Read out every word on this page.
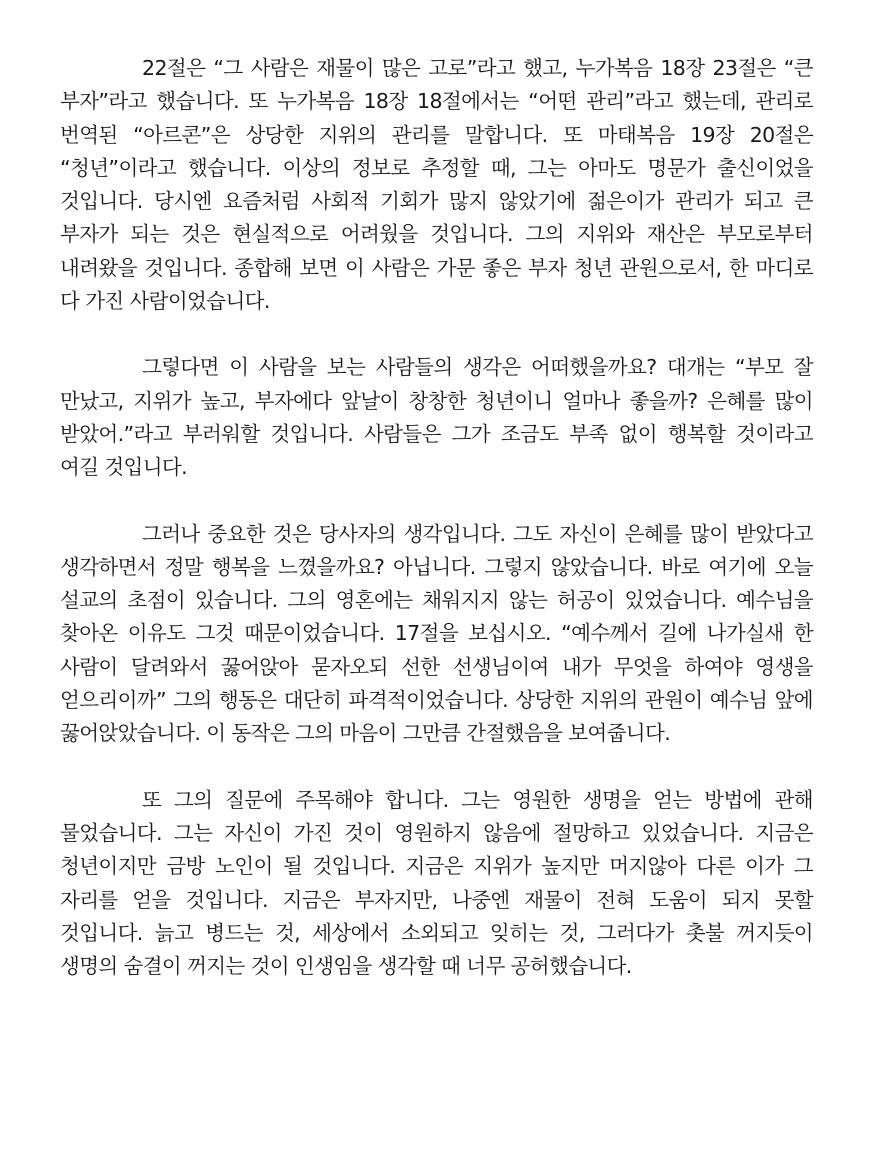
22절은 “그 사람은 재물이 많은 고로”라고 했고, 누가복음 18장 23절은 “큰 부자”라고 했습니다. 또 누가복음 18장 18절에서는 “어떤 관리”라고 했는데, 관리로 번역된 “아르콘”은 상당한 지위의 관리를 말합니다. 또 마태복음 19장 20절은 “청년”이라고 했습니다. 이상의 정보로 추정할 때, 그는 아마도 명문가 출신이었을 것입니다. 당시엔 요즘처럼 사회적 기회가 많지 않았기에 젊은이가 관리가 되고 큰 부자가 되는 것은 현실적으로 어려웠을 것입니다. 그의 지위와 재산은 부모로부터 내려왔을 것입니다. 종합해 보면 이 사람은 가문 좋은 부자 청년 관원으로서, 한 마디로 다 가진 사람이었습니다.

그렇다면 이 사람을 보는 사람들의 생각은 어떠했을까요? 대개는 “부모 잘 만났고, 지위가 높고, 부자에다 앞날이 창창한 청년이니 얼마나 좋을까? 은혜를 많이 받았어.”라고 부러워할 것입니다. 사람들은 그가 조금도 부족 없이 행복할 것이라고 여길 것입니다.

그러나 중요한 것은 당사자의 생각입니다. 그도 자신이 은혜를 많이 받았다고 생각하면서 정말 행복을 느꼈을까요? 아닙니다. 그렇지 않았습니다. 바로 여기에 오늘 설교의 초점이 있습니다. 그의 영혼에는 채워지지 않는 허공이 있었습니다. 예수님을 찾아온 이유도 그것 때문이었습니다. 17절을 보십시오. “예수께서 길에 나가실새 한 사람이 달려와서 꿇어앉아 묻자오되 선한 선생님이여 내가 무엇을 하여야 영생을 얻으리이까” 그의 행동은 대단히 파격적이었습니다. 상당한 지위의 관원이 예수님 앞에 꿇어앉았습니다. 이 동작은 그의 마음이 그만큼 간절했음을 보여줍니다.

또 그의 질문에 주목해야 합니다. 그는 영원한 생명을 얻는 방법에 관해 물었습니다. 그는 자신이 가진 것이 영원하지 않음에 절망하고 있었습니다. 지금은 청년이지만 금방 노인이 될 것입니다. 지금은 지위가 높지만 머지않아 다른 이가 그 자리를 얻을 것입니다. 지금은 부자지만, 나중엔 재물이 전혀 도움이 되지 못할 것입니다. 늙고 병드는 것, 세상에서 소외되고 잊히는 것, 그러다가 촛불 꺼지듯이 생명의 숨결이 꺼지는 것이 인생임을 생각할 때 너무 공허했습니다.
